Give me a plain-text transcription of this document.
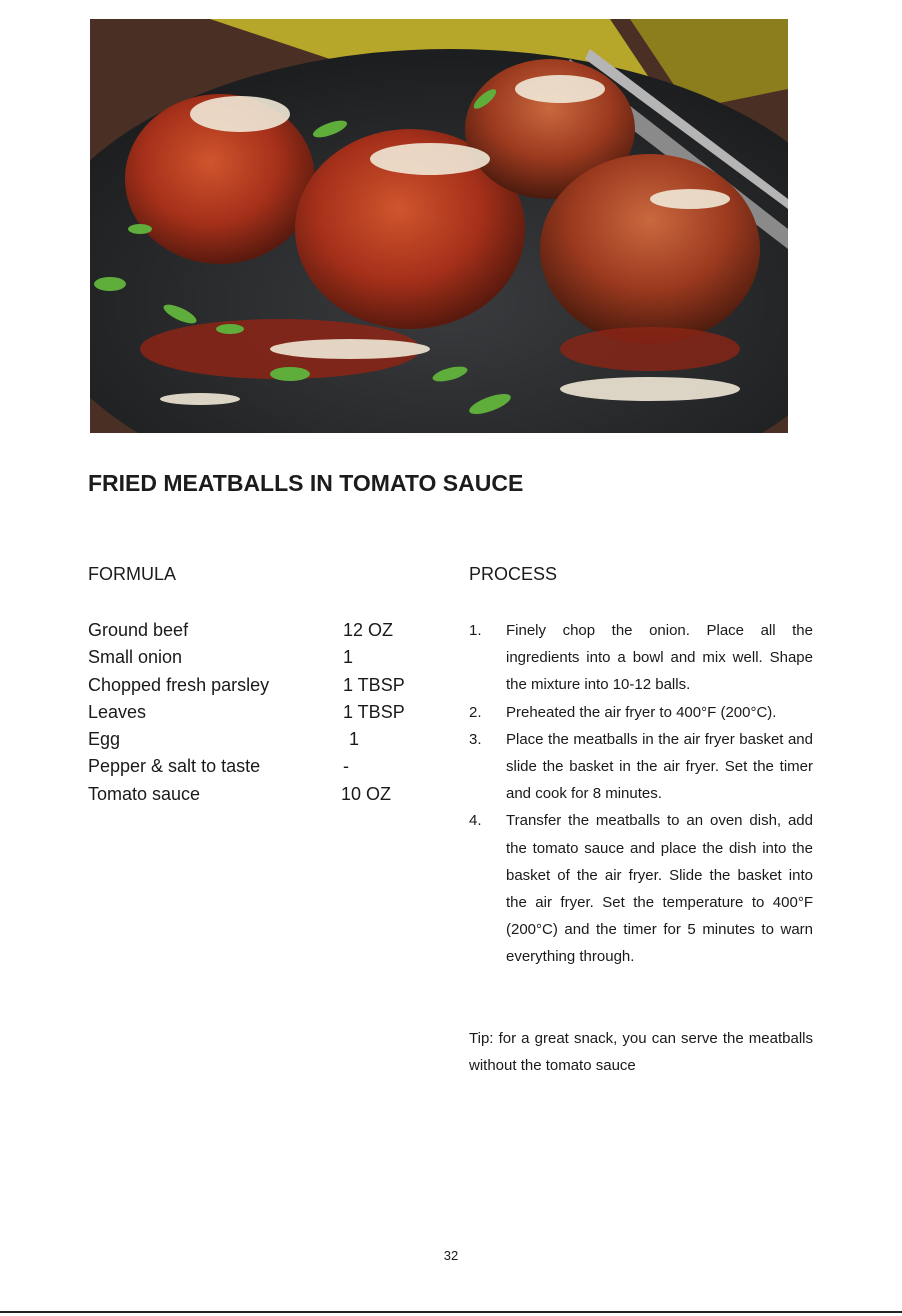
FRIED MEATBALLS IN TOMATO SAUCE
FORMULA	PROCESS
Ground beef	12 OZ
Small onion	1
Chopped fresh parsley	1 TBSP
Leaves	1 TBSP
Egg	1
Pepper & salt to taste	-
Tomato sauce	10 OZ
1. Finely chop the onion. Place all the ingredients into a bowl and mix well. Shape the mixture into 10-12 balls.
2. Preheated the air fryer to 400°F (200°C).
3. Place the meatballs in the air fryer basket and slide the basket in the air fryer. Set the timer and cook for 8 minutes.
4. Transfer the meatballs to an oven dish, add the tomato sauce and place the dish into the basket of the air fryer. Slide the basket into the air fryer. Set the temperature to 400°F (200°C) and the timer for 5 minutes to warn everything through.

Tip: for a great snack, you can serve the meatballs without the tomato sauce

32
